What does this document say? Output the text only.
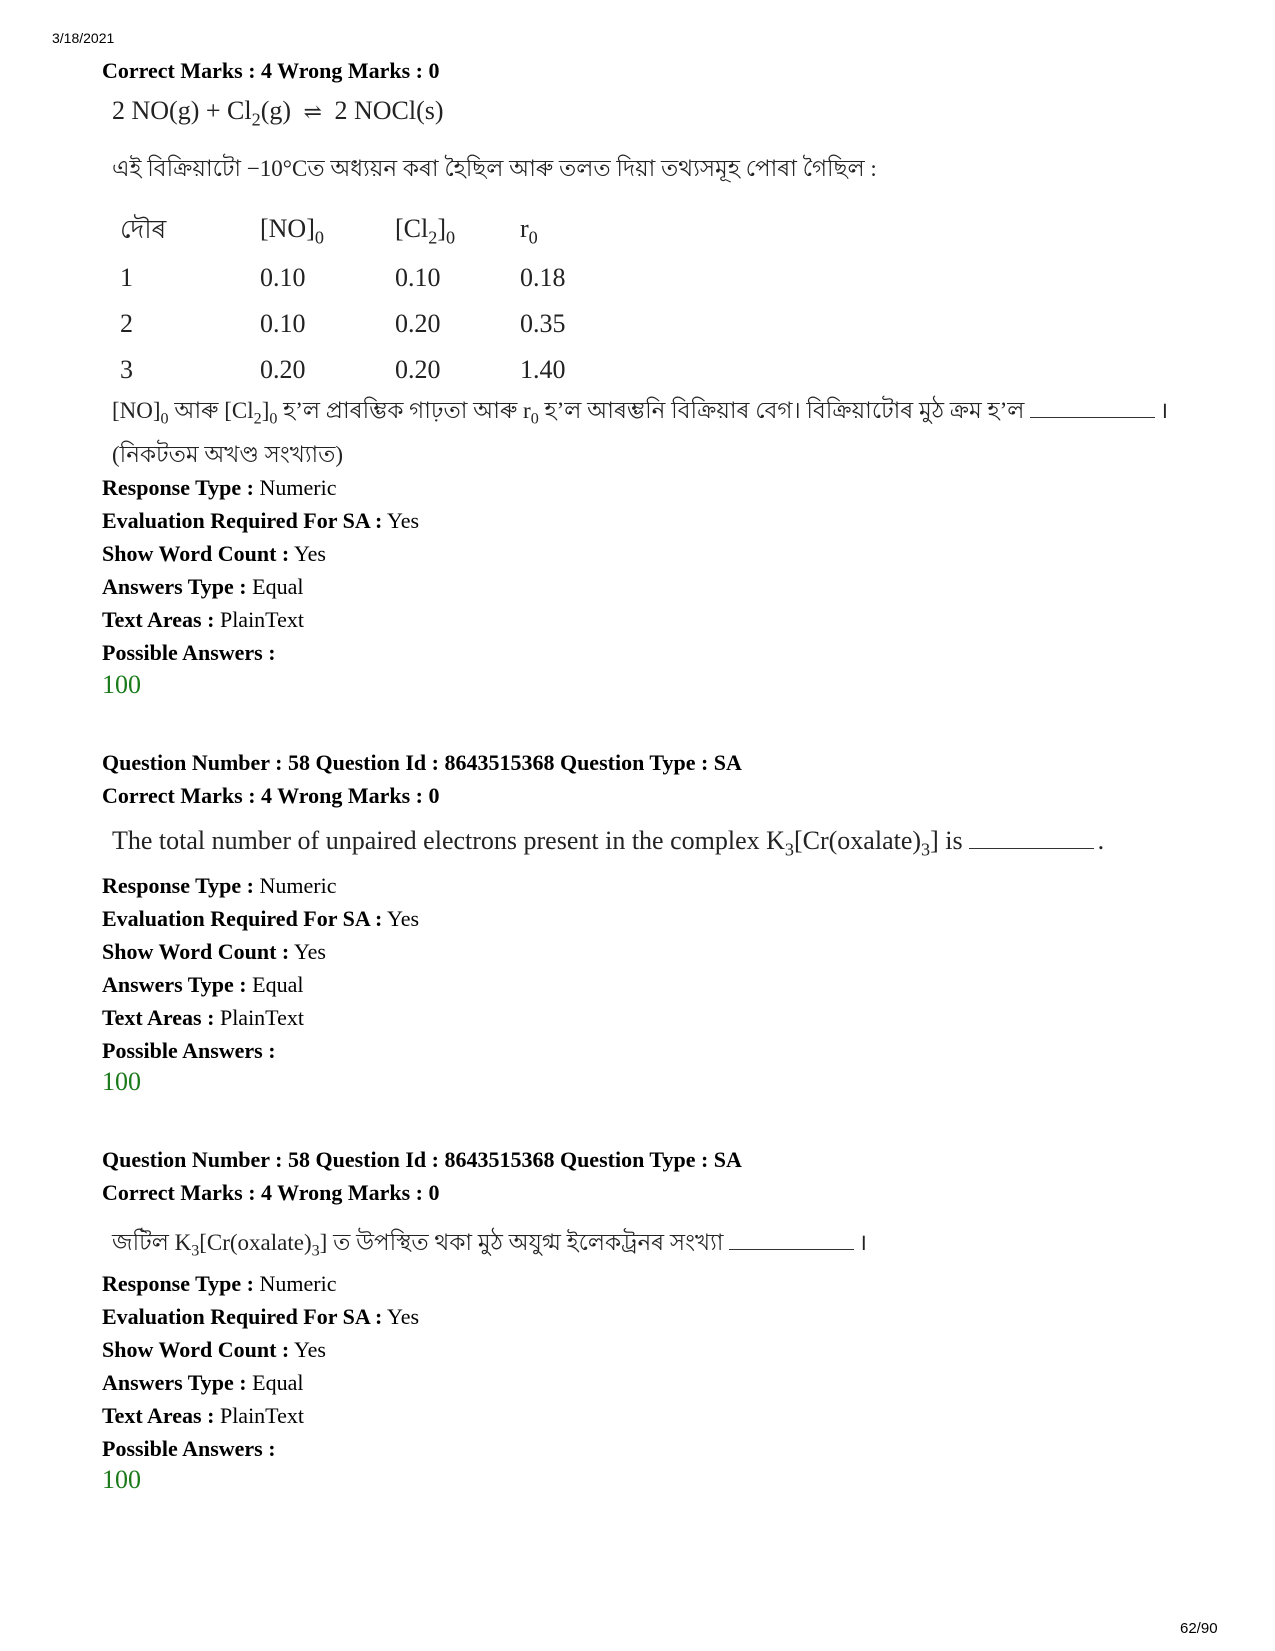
3/18/2021
Correct Marks : 4 Wrong Marks : 0
2 $NO(g) + Cl_2(g)$ ⇌ 2 NOCl(s)
এই বিক্ৰিয়াটো −10°Cত অধ্যয়ন কৰা হৈছিল আৰু তলত দিয়া তথ্যসমূহ পোৰা গৈছিল :
দৌৰ	$[NO]_0$	$[Cl_2]_0$	$r_0$
1	0.10	0.10	0.18
2	0.10	0.20	0.35
3	0.20	0.20	1.40
$[NO]_0$ আৰু $[Cl_2]_0$ হ’ল প্ৰাৰম্ভিক গাঢ়তা আৰু $r_0$ হ’ল আৰম্ভনি বিক্ৰিয়াৰ বেগ। বিক্ৰিয়াটোৰ মুঠ ক্ৰম হ’ল	।
(নিকটতম অখণ্ড সংখ্যাত)
Response Type : Numeric
Evaluation Required For SA : Yes
Show Word Count : Yes
Answers Type : Equal
Text Areas : PlainText
Possible Answers :
100
Question Number : 58 Question Id : 8643515368 Question Type : SA
Correct Marks : 4 Wrong Marks : 0
The total number of unpaired electrons present in the complex $K_3[Cr(oxalate)_3]$ is	.
Response Type : Numeric
Evaluation Required For SA : Yes
Show Word Count : Yes
Answers Type : Equal
Text Areas : PlainText
Possible Answers :
100
Question Number : 58 Question Id : 8643515368 Question Type : SA
Correct Marks : 4 Wrong Marks : 0
জটিল $K_3[Cr(oxalate)_3]$ ত উপস্থিত থকা মুঠ অযুগ্ম ইলেকট্ৰনৰ সংখ্যা	।
Response Type : Numeric
Evaluation Required For SA : Yes
Show Word Count : Yes
Answers Type : Equal
Text Areas : PlainText
Possible Answers :
100
62/90
